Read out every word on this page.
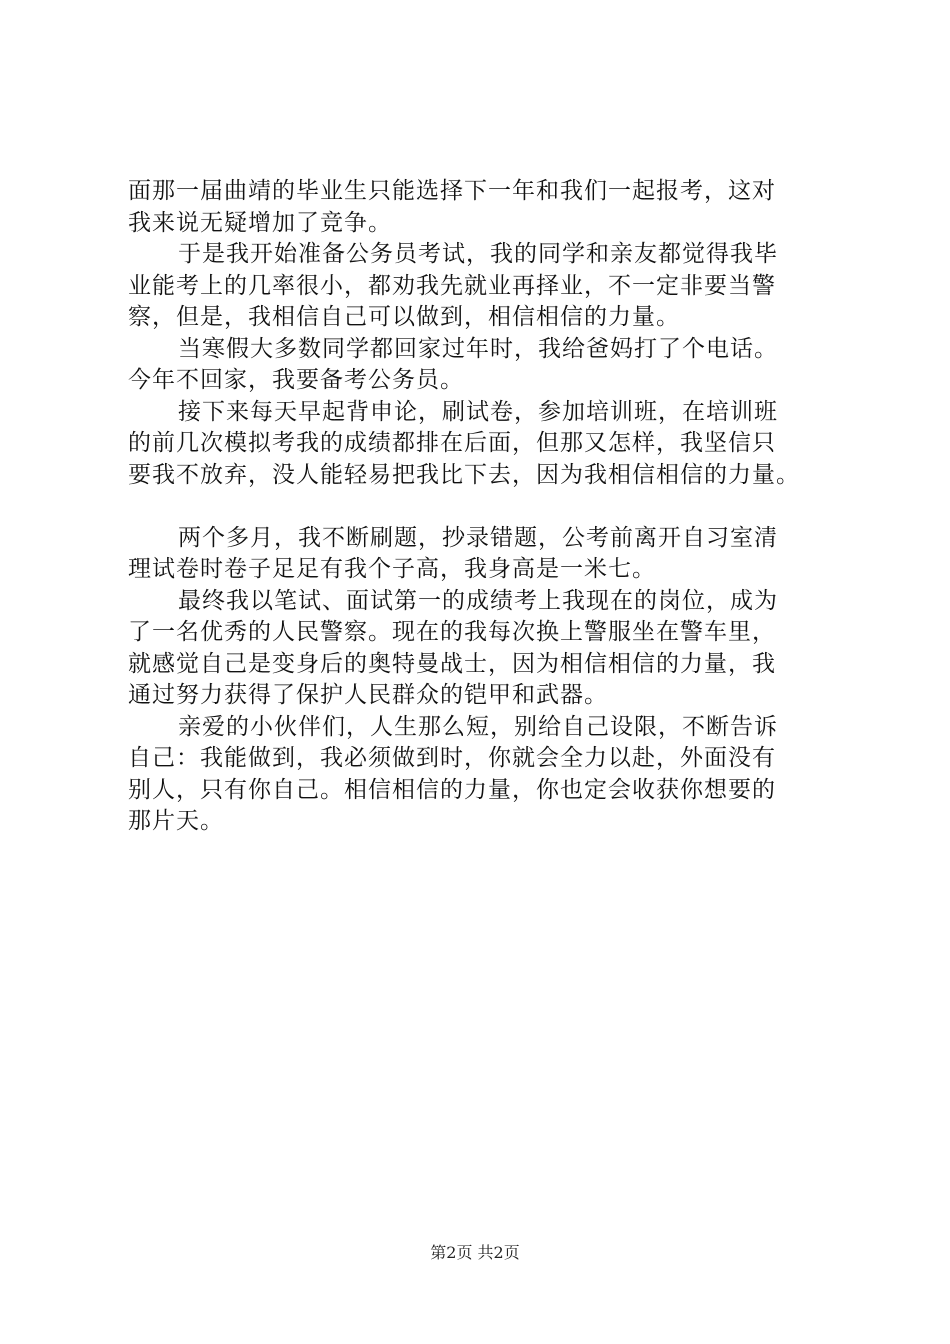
面那一届曲靖的毕业生只能选择下一年和我们一起报考，这对
我来说无疑增加了竞争。

于是我开始准备公务员考试，我的同学和亲友都觉得我毕
业能考上的几率很小，都劝我先就业再择业，不一定非要当警
察，但是，我相信自己可以做到，相信相信的力量。

当寒假大多数同学都回家过年时，我给爸妈打了个电话。
今年不回家，我要备考公务员。

接下来每天早起背申论，刷试卷，参加培训班，在培训班
的前几次模拟考我的成绩都排在后面，但那又怎样，我坚信只
要我不放弃，没人能轻易把我比下去，因为我相信相信的力量。

两个多月，我不断刷题，抄录错题，公考前离开自习室清
理试卷时卷子足足有我个子高，我身高是一米七。

最终我以笔试、面试第一的成绩考上我现在的岗位，成为
了一名优秀的人民警察。现在的我每次换上警服坐在警车里，
就感觉自己是变身后的奥特曼战士，因为相信相信的力量，我
通过努力获得了保护人民群众的铠甲和武器。

亲爱的小伙伴们，人生那么短，别给自己设限，不断告诉
自己：我能做到，我必须做到时，你就会全力以赴，外面没有
别人，只有你自己。相信相信的力量，你也定会收获你想要的
那片天。

第2页 共2页
